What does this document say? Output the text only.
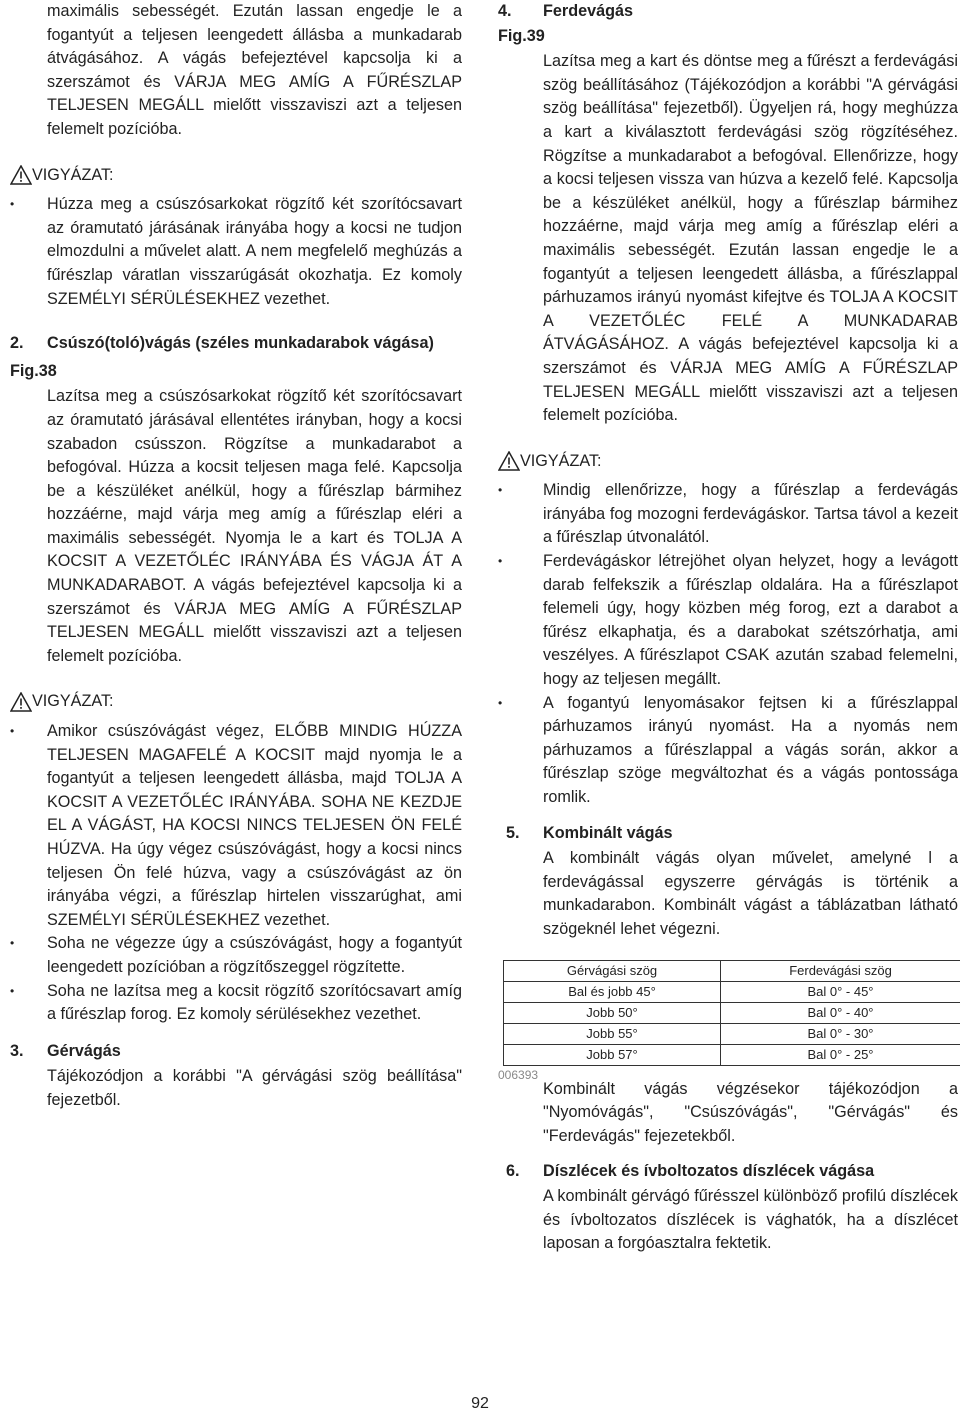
maximális sebességét. Ezután lassan engedje le a fogantyút a teljesen leengedett állásba a munkadarab átvágásához. A vágás befejeztével kapcsolja ki a szerszámot és VÁRJA MEG AMÍG A FŰRÉSZLAP TELJESEN MEGÁLL mielőtt visszaviszi azt a teljesen felemelt pozícióba.

VIGYÁZAT:

• Húzza meg a csúszósarkokat rögzítő két szorítócsavart az óramutató járásának irányába hogy a kocsi ne tudjon elmozdulni a művelet alatt. A nem megfelelő meghúzás a fűrészlap váratlan visszarúgását okozhatja. Ez komoly SZEMÉLYI SÉRÜLÉSEKHEZ vezethet.

2.	Csúszó(toló)vágás (széles munkadarabok vágása)

Fig.38

Lazítsa meg a csúszósarkokat rögzítő két szorítócsavart az óramutató járásával ellentétes irányban, hogy a kocsi szabadon csússzon. Rögzítse a munkadarabot a befogóval. Húzza a kocsit teljesen maga felé. Kapcsolja be a készüléket anélkül, hogy a fűrészlap bármihez hozzáérne, majd várja meg amíg a fűrészlap eléri a maximális sebességét. Nyomja le a kart és TOLJA A KOCSIT A VEZETŐLÉC IRÁNYÁBA ÉS VÁGJA ÁT A MUNKADARABOT. A vágás befejeztével kapcsolja ki a szerszámot és VÁRJA MEG AMÍG A FŰRÉSZLAP TELJESEN MEGÁLL mielőtt visszaviszi azt a teljesen felemelt pozícióba.

VIGYÁZAT:

• Amikor csúszóvágást végez, ELŐBB MINDIG HÚZZA TELJESEN MAGAFELÉ A KOCSIT majd nyomja le a fogantyút a teljesen leengedett állásba, majd TOLJA A KOCSIT A VEZETŐLÉC IRÁNYÁBA. SOHA NE KEZDJE EL A VÁGÁST, HA KOCSI NINCS TELJESEN ÖN FELÉ HÚZVA. Ha úgy végez csúszóvágást, hogy a kocsi nincs teljesen Ön felé húzva, vagy a csúszóvágást az ön irányába végzi, a fűrészlap hirtelen visszarúghat, ami SZEMÉLYI SÉRÜLÉSEKHEZ vezethet.

• Soha ne végezze úgy a csúszóvágást, hogy a fogantyút leengedett pozícióban a rögzítőszeggel rögzítette.

• Soha ne lazítsa meg a kocsit rögzítő szorítócsavart amíg a fűrészlap forog. Ez komoly sérülésekhez vezethet.

3.	Gérvágás

Tájékozódjon a korábbi "A gérvágási szög beállítása" fejezetből.

4.	Ferdevágás

Fig.39

Lazítsa meg a kart és döntse meg a fűrészt a ferdevágási szög beállításához (Tájékozódjon a korábbi "A gérvágási szög beállítása" fejezetből). Ügyeljen rá, hogy meghúzza a kart a kiválasztott ferdevágási szög rögzítéséhez. Rögzítse a munkadarabot a befogóval. Ellenőrizze, hogy a kocsi teljesen vissza van húzva a kezelő felé. Kapcsolja be a készüléket anélkül, hogy a fűrészlap bármihez hozzáérne, majd várja meg amíg a fűrészlap eléri a maximális sebességét. Ezután lassan engedje le a fogantyút a teljesen leengedett állásba, a fűrészlappal párhuzamos irányú nyomást kifejtve és TOLJA A KOCSIT A VEZETŐLÉC FELÉ A MUNKADARAB ÁTVÁGÁSÁHOZ. A vágás befejeztével kapcsolja ki a szerszámot és VÁRJA MEG AMÍG A FŰRÉSZLAP TELJESEN MEGÁLL mielőtt visszaviszi azt a teljesen felemelt pozícióba.

VIGYÁZAT:

•	Mindig ellenőrizze, hogy a fűrészlap a ferdevágás irányába fog mozogni ferdevágáskor. Tartsa távol a kezeit a fűrészlap útvonalától.

•	Ferdevágáskor létrejöhet olyan helyzet, hogy a levágott darab felfekszik a fűrészlap oldalára. Ha a fűrészlapot felemeli úgy, hogy közben még forog, ezt a darabot a fűrész elkaphatja, és a darabokat szétszórhatja, ami veszélyes. A fűrészlapot CSAK azután szabad felemelni, hogy az teljesen megállt.

•	A fogantyú lenyomásakor fejtsen ki a fűrészlappal párhuzamos irányú nyomást. Ha a nyomás nem párhuzamos a fűrészlappal a vágás során, akkor a fűrészlap szöge megváltozhat és a vágás pontossága romlik.

5.	Kombinált vágás

A kombinált vágás olyan művelet, amelyné l a ferdevágással egyszerre gérvágás is történik a munkadarabon. Kombinált vágást a táblázatban látható szögeknél lehet végezni.

Gérvágási szög	Ferdevágási szög
Bal és jobb 45°	Bal 0° - 45°
Jobb 50°	Bal 0° - 40°
Jobb 55°	Bal 0° - 30°
Jobb 57°	Bal 0° - 25°
006393

Kombinált vágás végzésekor tájékozódjon a "Nyomóvágás", "Csúszóvágás", "Gérvágás" és "Ferdevágás" fejezetekből.

6.	Díszlécek és ívboltozatos díszlécek vágása

A kombinált gérvágó fűrésszel különböző profilú díszlécek és ívboltozatos díszlécek is vághatók, ha a díszlécet laposan a forgóasztalra fektetik.

92
